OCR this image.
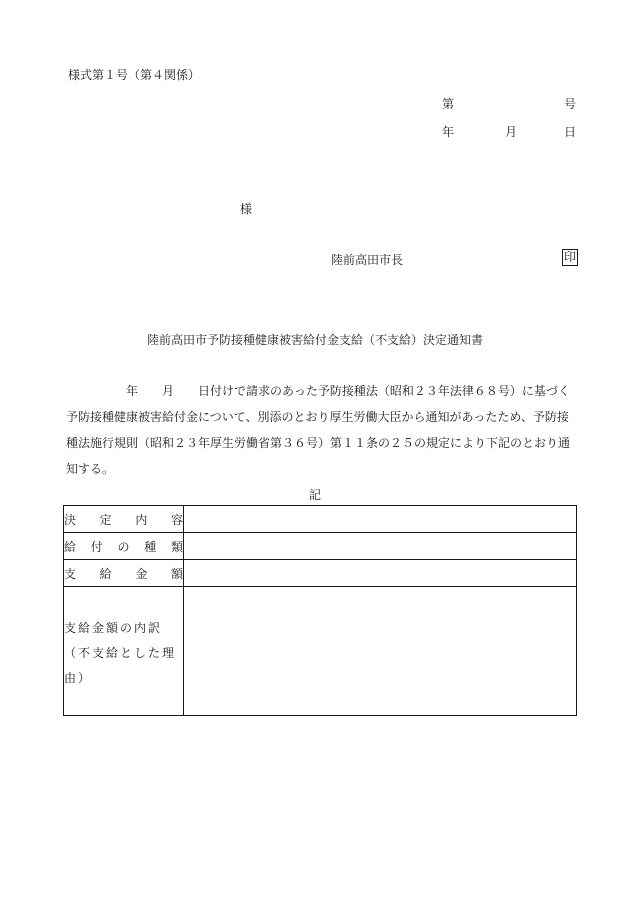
様式第１号（第４関係）
第	号
年	月	日
様
陸前高田市長	印
陸前高田市予防接種健康被害給付金支給（不支給）決定通知書
年 月 日付けで請求のあった予防接種法（昭和２３年法律６８号）に基づく予防接種健康被害給付金について、別添のとおり厚生労働大臣から通知があったため、予防接種法施行規則（昭和２３年厚生労働省第３６号）第１１条の２５の規定により下記のとおり通知する。
記
決 定 内 容	

給 付 の 種 類	

支 給 金 額	

支給金額の内訳（不支給とした理由）	
